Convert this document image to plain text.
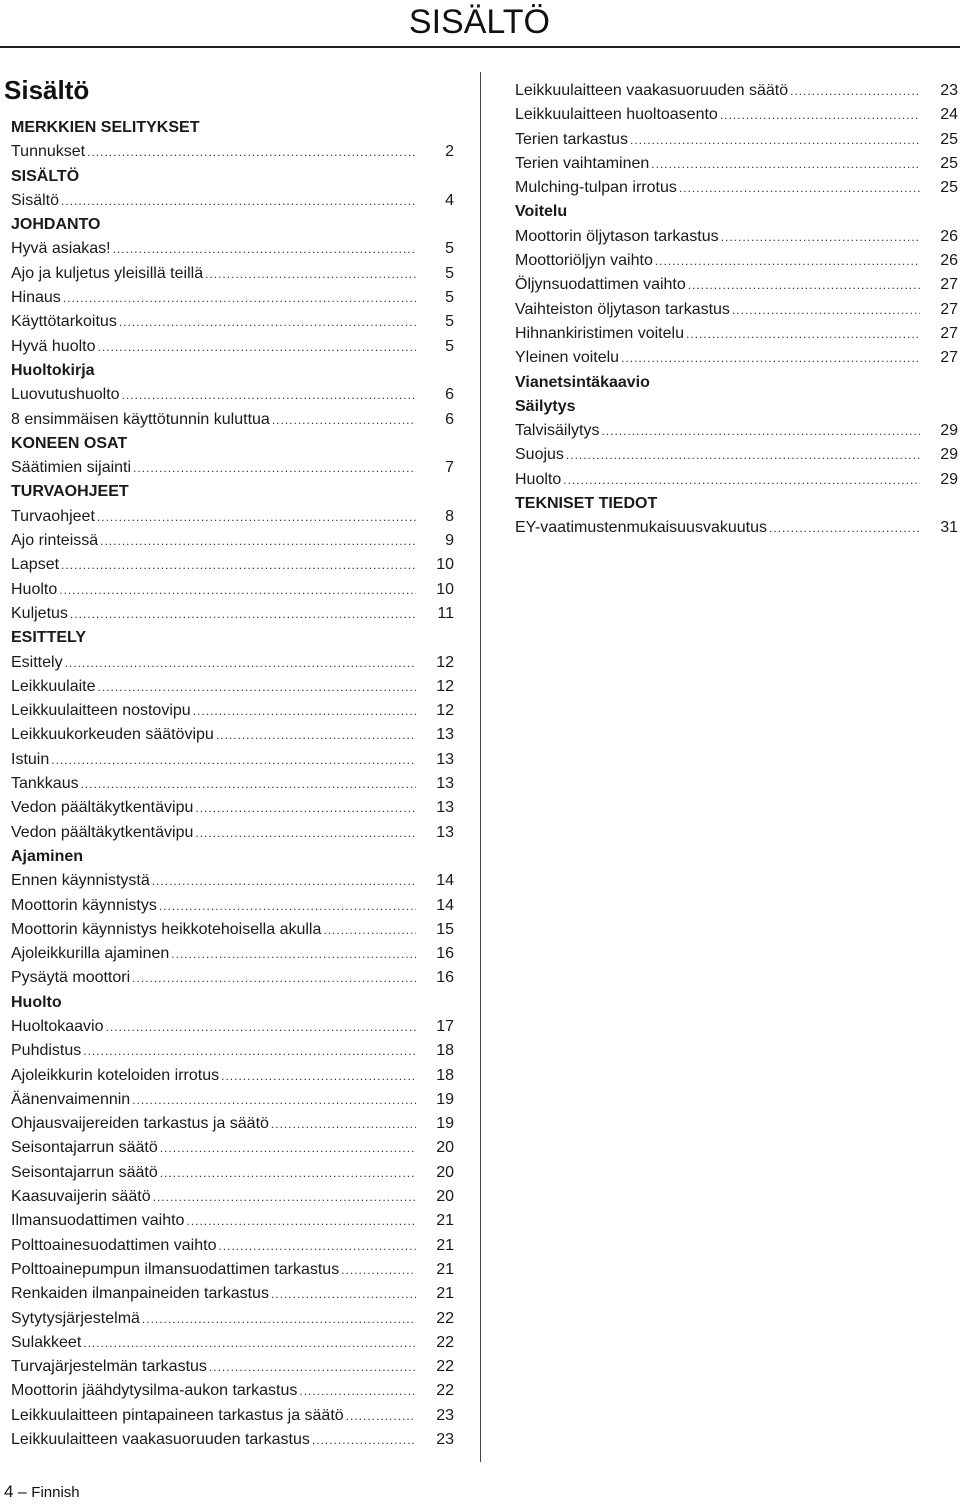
SISÄLTÖ
Sisältö
MERKKIEN SELITYKSET
Tunnukset .....	2
SISÄLTÖ
Sisältö .....	4
JOHDANTO
Hyvä asiakas! .....	5
Ajo ja kuljetus yleisillä teillä .....	5
Hinaus .....	5
Käyttötarkoitus .....	5
Hyvä huolto .....	5
Huoltokirja
Luovutushuolto .....	6
8 ensimmäisen käyttötunnin kuluttua .....	6
KONEEN OSAT
Säätimien sijainti .....	7
TURVAOHJEET
Turvaohjeet .....	8
Ajo rinteissä .....	9
Lapset .....	10
Huolto .....	10
Kuljetus .....	11
ESITTELY
Esittely .....	12
Leikkuulaite .....	12
Leikkuulaitteen nostovipu .....	12
Leikkuukorkeuden säätövipu .....	13
Istuin .....	13
Tankkaus .....	13
Vedon päältäkytkentävipu .....	13
Vedon päältäkytkentävipu .....	13
Ajaminen
Ennen käynnistystä .....	14
Moottorin käynnistys .....	14
Moottorin käynnistys heikkotehoisella akulla .....	15
Ajoleikkurilla ajaminen .....	16
Pysäytä moottori .....	16
Huolto
Huoltokaavio .....	17
Puhdistus .....	18
Ajoleikkurin koteloiden irrotus .....	18
Äänenvaimennin .....	19
Ohjausvaijereiden tarkastus ja säätö .....	19
Seisontajarrun säätö .....	20
Seisontajarrun säätö .....	20
Kaasuvaijerin säätö .....	20
Ilmansuodattimen vaihto .....	21
Polttoainesuodattimen vaihto .....	21
Polttoainepumpun ilmansuodattimen tarkastus .....	21
Renkaiden ilmanpaineiden tarkastus .....	21
Sytytysjärjestelmä .....	22
Sulakkeet .....	22
Turvajärjestelmän tarkastus .....	22
Moottorin jäähdytysilma-aukon tarkastus .....	22
Leikkuulaitteen pintapaineen tarkastus ja säätö .....	23
Leikkuulaitteen vaakasuoruuden tarkastus .....	23
Leikkuulaitteen vaakasuoruuden säätö .....	23
Leikkuulaitteen huoltoasento .....	24
Terien tarkastus .....	25
Terien vaihtaminen .....	25
Mulching-tulpan irrotus .....	25
Voitelu
Moottorin öljytason tarkastus .....	26
Moottoriöljyn vaihto .....	26
Öljynsuodattimen vaihto .....	27
Vaihteiston öljytason tarkastus .....	27
Hihnankiristimen voitelu .....	27
Yleinen voitelu .....	27
Vianetsintäkaavio
Säilytys
Talvisäilytys .....	29
Suojus .....	29
Huolto .....	29
TEKNISET TIEDOT
EY-vaatimustenmukaisuusvakuutus .....	31
4 – Finnish
